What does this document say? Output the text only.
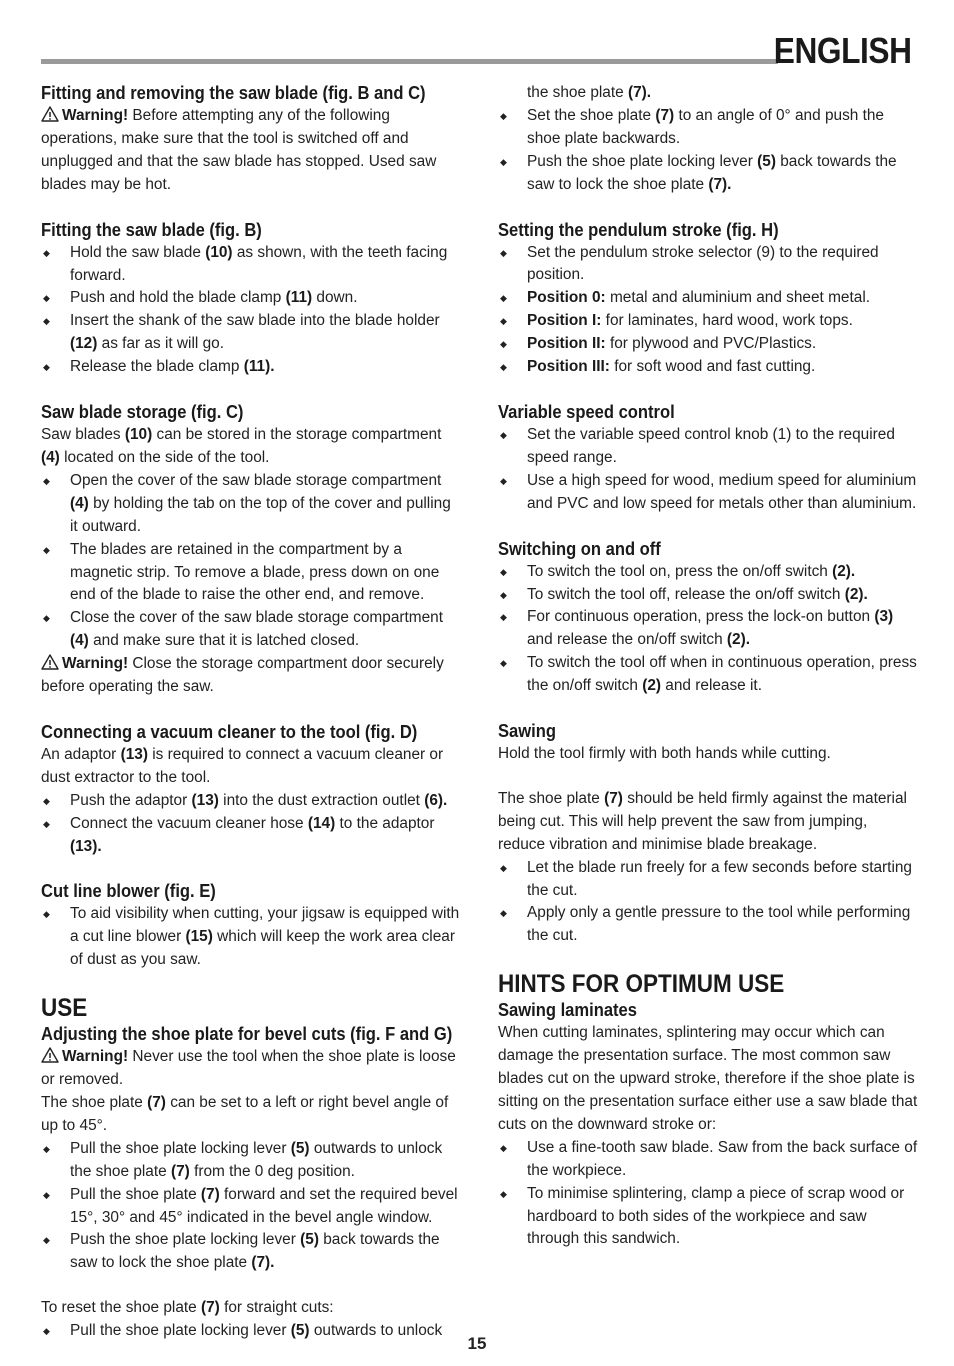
ENGLISH
Fitting and removing the saw blade (fig. B and C)

Warning! Before attempting any of the following operations, make sure that the tool is switched off and unplugged and that the saw blade has stopped. Used saw blades may be hot.

Fitting the saw blade (fig. B)
◆ Hold the saw blade (10) as shown, with the teeth facing forward.
◆ Push and hold the blade clamp (11) down.
◆ Insert the shank of the saw blade into the blade holder (12) as far as it will go.
◆ Release the blade clamp (11).
Saw blade storage (fig. C)

Saw blades (10) can be stored in the storage compartment (4) located on the side of the tool.

◆ Open the cover of the saw blade storage compartment (4) by holding the tab on the top of the cover and pulling it outward.
◆ The blades are retained in the compartment by a magnetic strip. To remove a blade, press down on one end of the blade to raise the other end, and remove.
◆ Close the cover of the saw blade storage compartment (4) and make sure that it is latched closed.

Warning! Close the storage compartment door securely before operating the saw.

Connecting a vacuum cleaner to the tool (fig. D)

An adaptor (13) is required to connect a vacuum cleaner or dust extractor to the tool.

◆ Push the adaptor (13) into the dust extraction outlet (6).
◆ Connect the vacuum cleaner hose (14) to the adaptor (13).
Cut line blower (fig. E)
◆ To aid visibility when cutting, your jigsaw is equipped with a cut line blower (15) which will keep the work area clear of dust as you saw.
USE
Adjusting the shoe plate for bevel cuts (fig. F and G)

Warning! Never use the tool when the shoe plate is loose or removed.

The shoe plate (7) can be set to a left or right bevel angle of up to 45°.

◆ Pull the shoe plate locking lever (5) outwards to unlock the shoe plate (7) from the 0 deg position.
◆ Pull the shoe plate (7) forward and set the required bevel 15°, 30° and 45° indicated in the bevel angle window.
◆ Push the shoe plate locking lever (5) back towards the saw to lock the shoe plate (7).

To reset the shoe plate (7) for straight cuts:

◆ Pull the shoe plate locking lever (5) outwards to unlock
the shoe plate (7).
◆ Set the shoe plate (7) to an angle of 0° and push the shoe plate backwards.
◆ Push the shoe plate locking lever (5) back towards the saw to lock the shoe plate (7).
Setting the pendulum stroke (fig. H)
◆ Set the pendulum stroke selector (9) to the required position.
◆ Position 0: metal and aluminium and sheet metal.
◆ Position I: for laminates, hard wood, work tops.
◆ Position II: for plywood and PVC/Plastics.
◆ Position III: for soft wood and fast cutting.
Variable speed control
◆ Set the variable speed control knob (1) to the required speed range.
◆ Use a high speed for wood, medium speed for aluminium and PVC and low speed for metals other than aluminium.
Switching on and off
◆ To switch the tool on, press the on/off switch (2).
◆ To switch the tool off, release the on/off switch (2).
◆ For continuous operation, press the lock-on button (3) and release the on/off switch (2).
◆ To switch the tool off when in continuous operation, press the on/off switch (2) and release it.
Sawing

Hold the tool firmly with both hands while cutting.

The shoe plate (7) should be held firmly against the material being cut. This will help prevent the saw from jumping, reduce vibration and minimise blade breakage.

◆ Let the blade run freely for a few seconds before starting the cut.
◆ Apply only a gentle pressure to the tool while performing the cut.
HINTS FOR OPTIMUM USE
Sawing laminates

When cutting laminates, splintering may occur which can damage the presentation surface. The most common saw blades cut on the upward stroke, therefore if the shoe plate is sitting on the presentation surface either use a saw blade that cuts on the downward stroke or:

◆ Use a fine-tooth saw blade. Saw from the back surface of the workpiece.
◆ To minimise splintering, clamp a piece of scrap wood or hardboard to both sides of the workpiece and saw through this sandwich.
15
